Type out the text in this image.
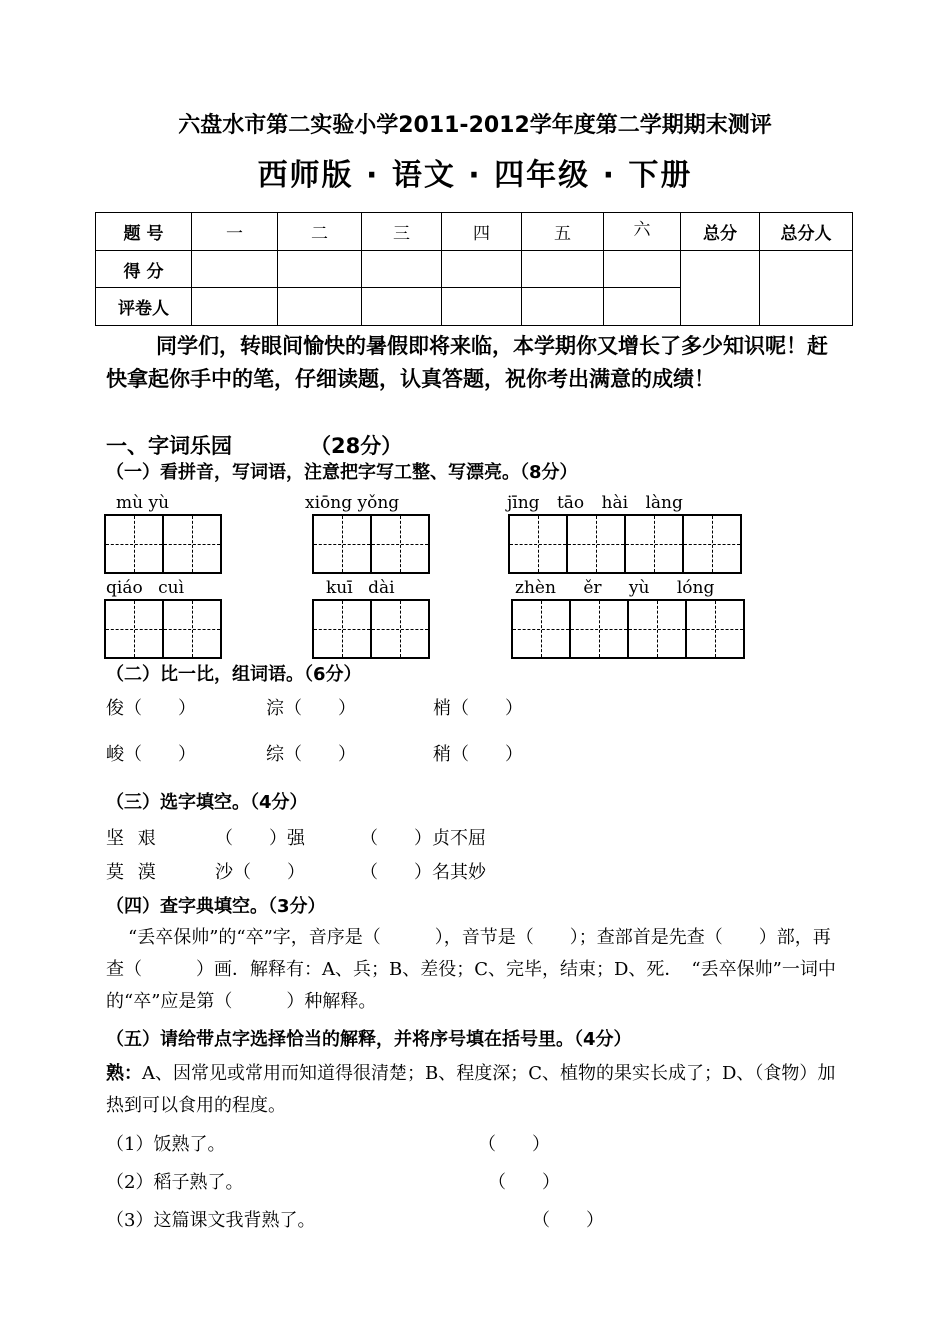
六盘水市第二实验小学2011-2012学年度第二学期期末测评
西师版 · 语文 · 四年级 · 下册
题 号	一	二	三	四	五	六	总分	总分人
得 分								
评卷人								
同学们，转眼间愉快的暑假即将来临，本学期你又增长了多少知识呢！赶快拿起你手中的笔，仔细读题，认真答题，祝你考出满意的成绩！
一、字词乐园	（28分）
（一）看拼音，写词语，注意把字写工整、写漂亮。（8分）
mù yù	xiōng yǒng	jīng tāo hài làng
qiáo cuì	kuī dài	zhèn ěr yù lóng
（二）比一比，组词语。（6分）
俊（　　）	淙（　　）	梢（　　）
峻（　　）	综（　　）	稍（　　）
（三）选字填空。（4分）
坚 艰	（　　）强	（　　）贞不屈
莫 漠	沙（　　）	（　　）名其妙
（四）查字典填空。（3分）
“丢卒保帅”的“卒”字，音序是（　　　），音节是（　　）；查部首是先查（　　）部，再查（　　　）画．解释有：A、兵；B、差役；C、完毕，结束；D、死．　“丢卒保帅”一词中的“卒”应是第（　　　）种解释。
（五）请给带点字选择恰当的解释，并将序号填在括号里。（4分）
熟：A、因常见或常用而知道得很清楚；B、程度深；C、植物的果实长成了；D、（食物）加热到可以食用的程度。
（1）饭熟了。	（　　）
（2）稻子熟了。	（　　）
（3）这篇课文我背熟了。	（　　）
